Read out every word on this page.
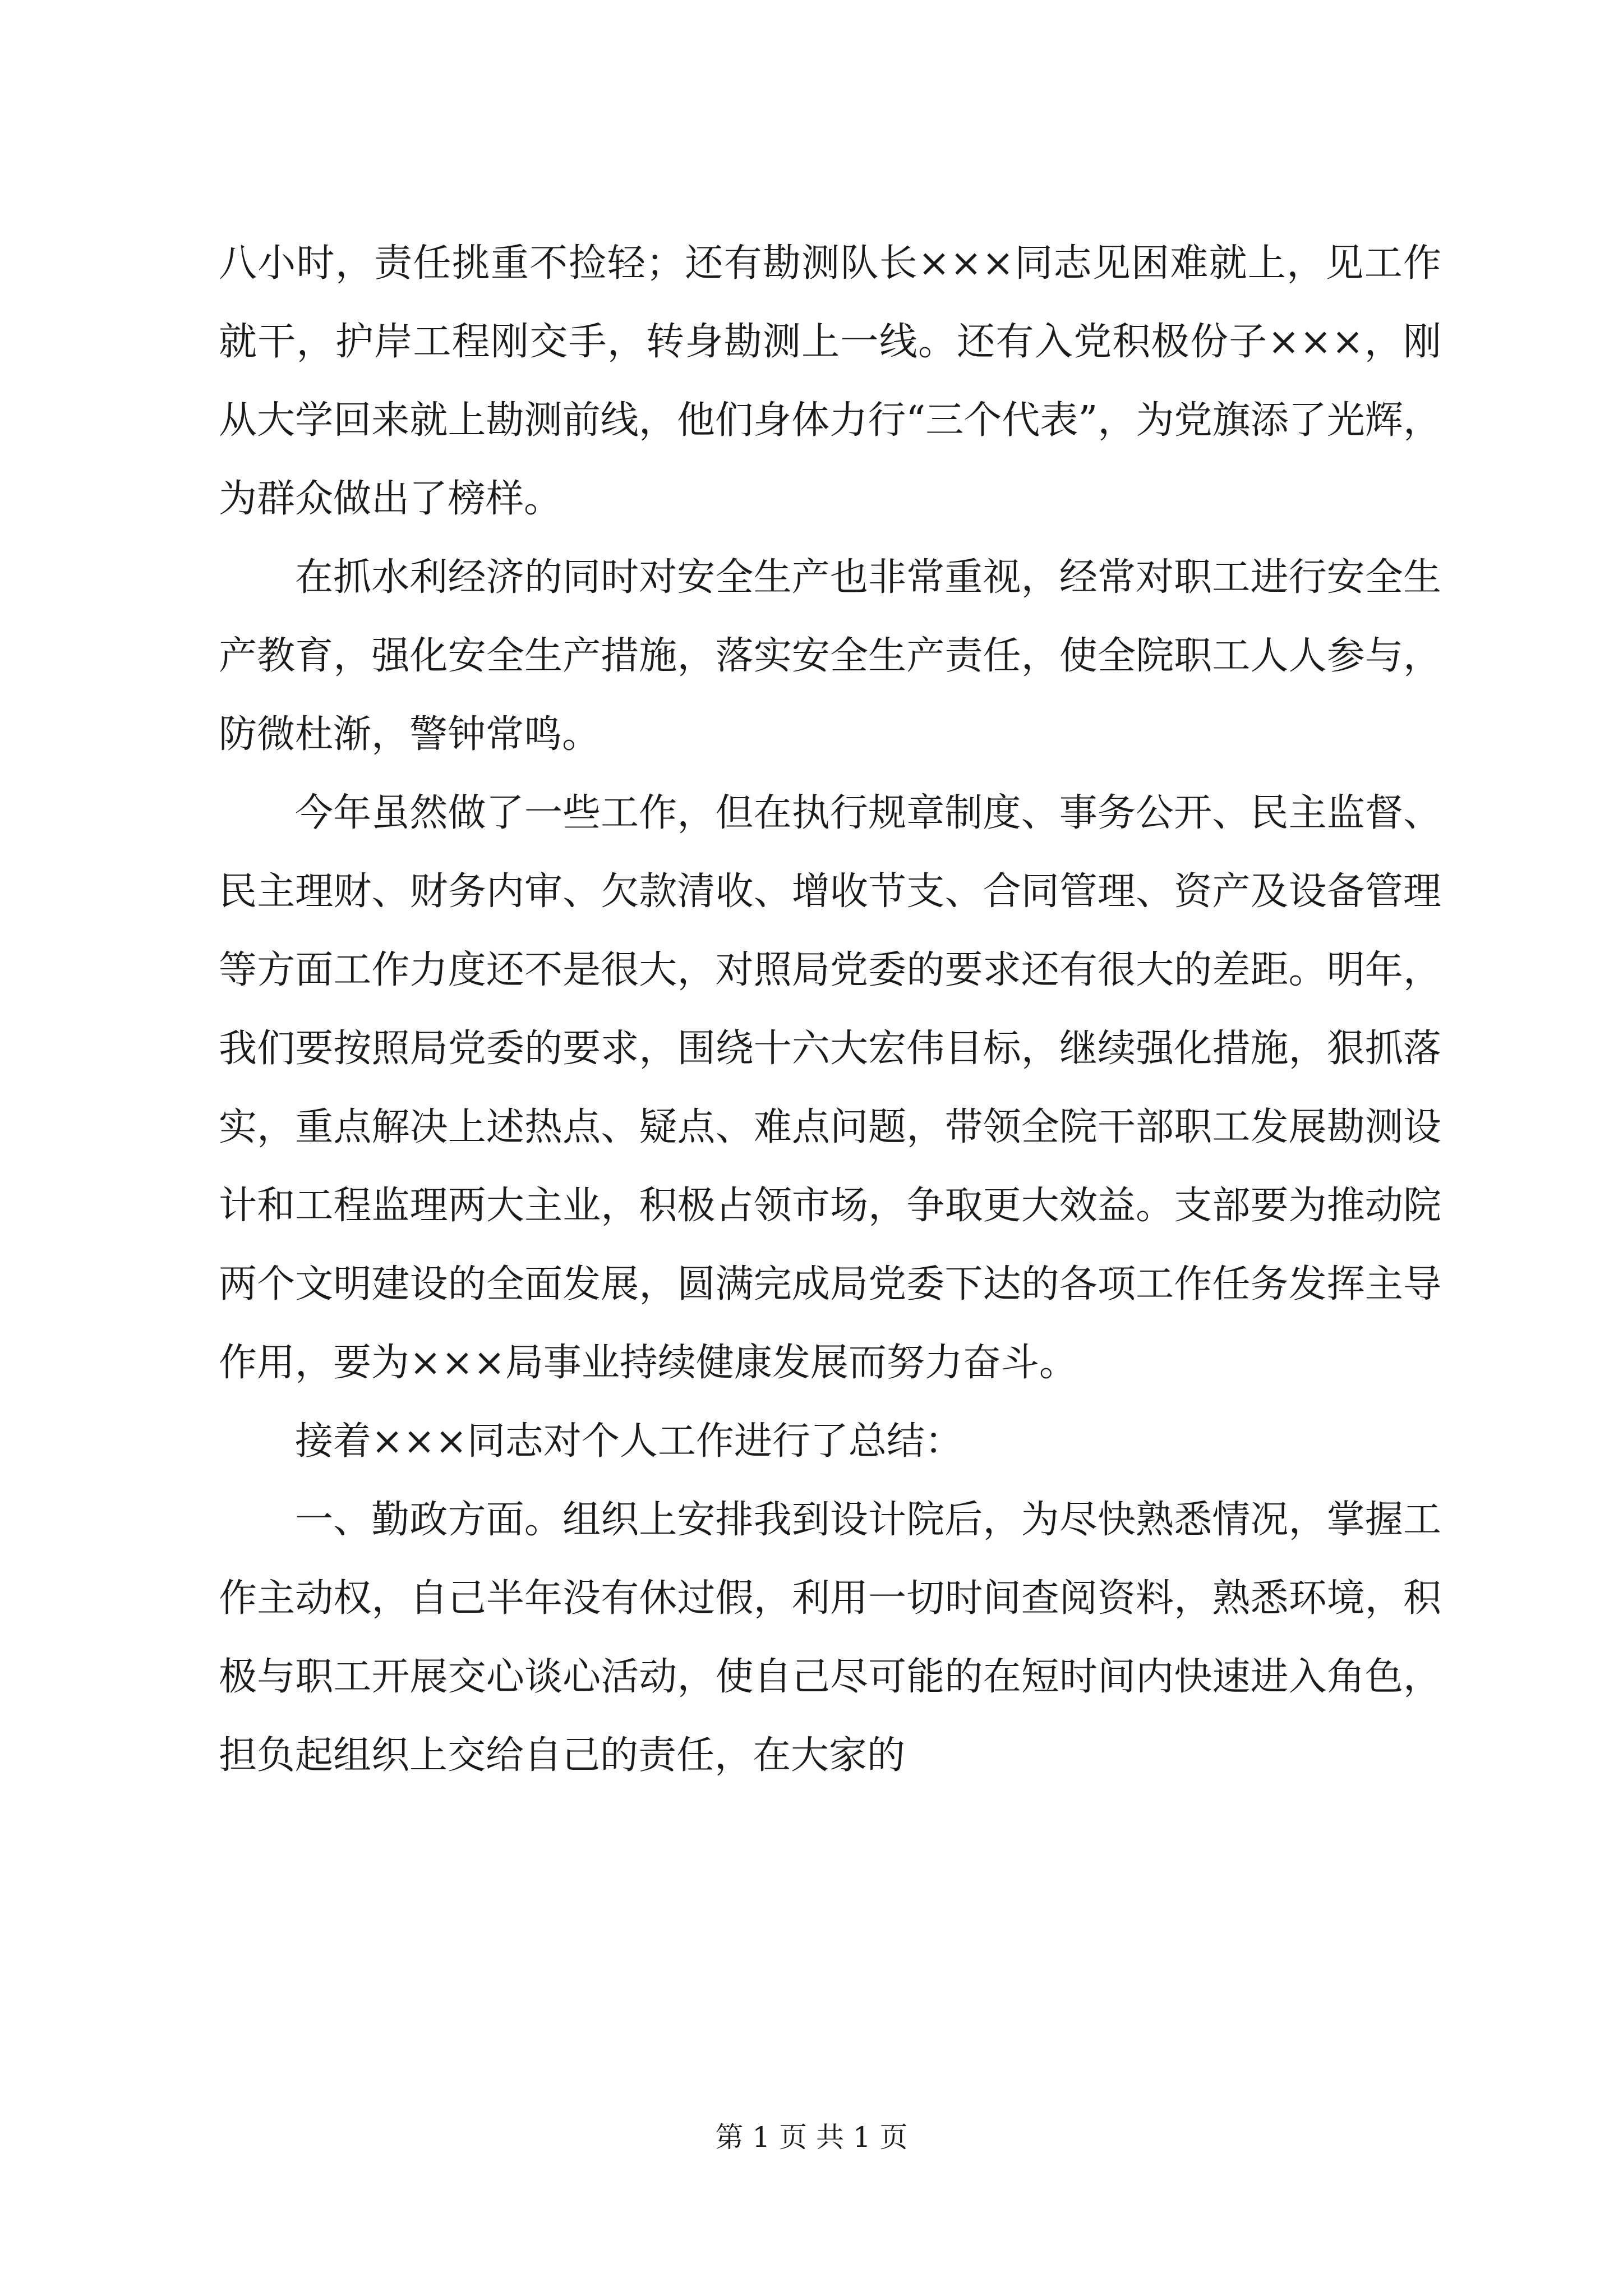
八小时，责任挑重不捡轻；还有勘测队长×××同志见困难就上，见工作就干，护岸工程刚交手，转身勘测上一线。还有入党积极份子×××，刚从大学回来就上勘测前线，他们身体力行“三个代表”，为党旗添了光辉，为群众做出了榜样。

在抓水利经济的同时对安全生产也非常重视，经常对职工进行安全生产教育，强化安全生产措施，落实安全生产责任，使全院职工人人参与，防微杜渐，警钟常鸣。

今年虽然做了一些工作，但在执行规章制度、事务公开、民主监督、民主理财、财务内审、欠款清收、增收节支、合同管理、资产及设备管理等方面工作力度还不是很大，对照局党委的要求还有很大的差距。明年，我们要按照局党委的要求，围绕十六大宏伟目标，继续强化措施，狠抓落实，重点解决上述热点、疑点、难点问题，带领全院干部职工发展勘测设计和工程监理两大主业，积极占领市场，争取更大效益。支部要为推动院两个文明建设的全面发展，圆满完成局党委下达的各项工作任务发挥主导作用，要为×××局事业持续健康发展而努力奋斗。

接着×××同志对个人工作进行了总结：

一、勤政方面。组织上安排我到设计院后，为尽快熟悉情况，掌握工作主动权，自己半年没有休过假，利用一切时间查阅资料，熟悉环境，积极与职工开展交心谈心活动，使自己尽可能的在短时间内快速进入角色，担负起组织上交给自己的责任，在大家的

第 1 页 共 1 页
